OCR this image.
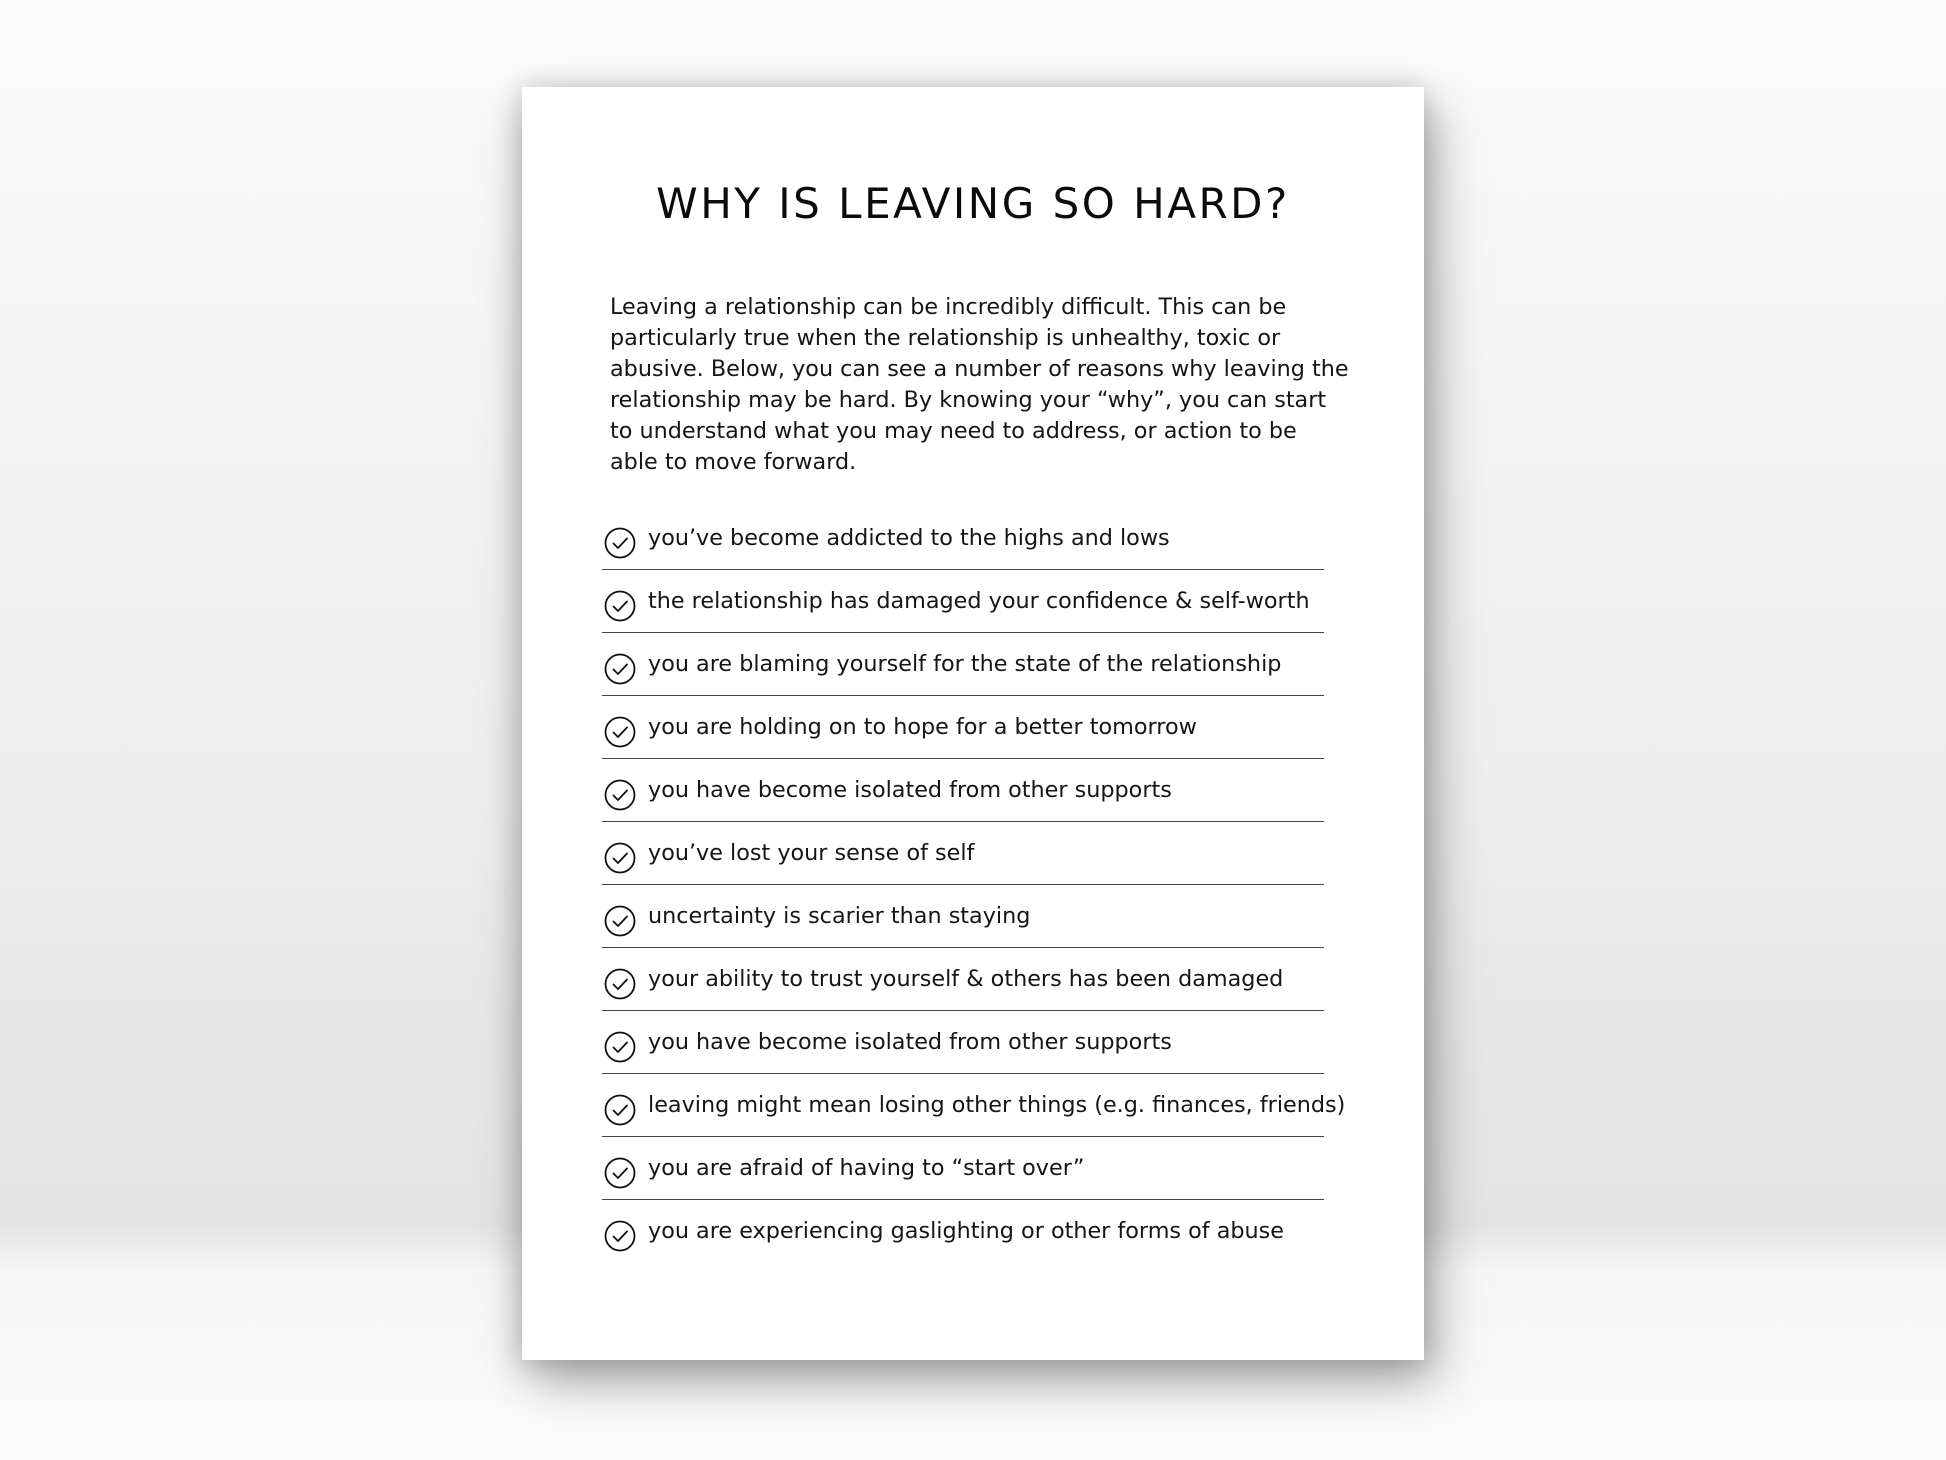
WHY IS LEAVING SO HARD?

Leaving a relationship can be incredibly difficult. This can be particularly true when the relationship is unhealthy, toxic or abusive. Below, you can see a number of reasons why leaving the relationship may be hard. By knowing your “why”, you can start to understand what you may need to address, or action to be able to move forward.

you’ve become addicted to the highs and lows
the relationship has damaged your confidence & self-worth
you are blaming yourself for the state of the relationship
you are holding on to hope for a better tomorrow
you have become isolated from other supports
you’ve lost your sense of self
uncertainty is scarier than staying
your ability to trust yourself & others has been damaged
you have become isolated from other supports
leaving might mean losing other things (e.g. finances, friends)
you are afraid of having to “start over”
you are experiencing gaslighting or other forms of abuse
